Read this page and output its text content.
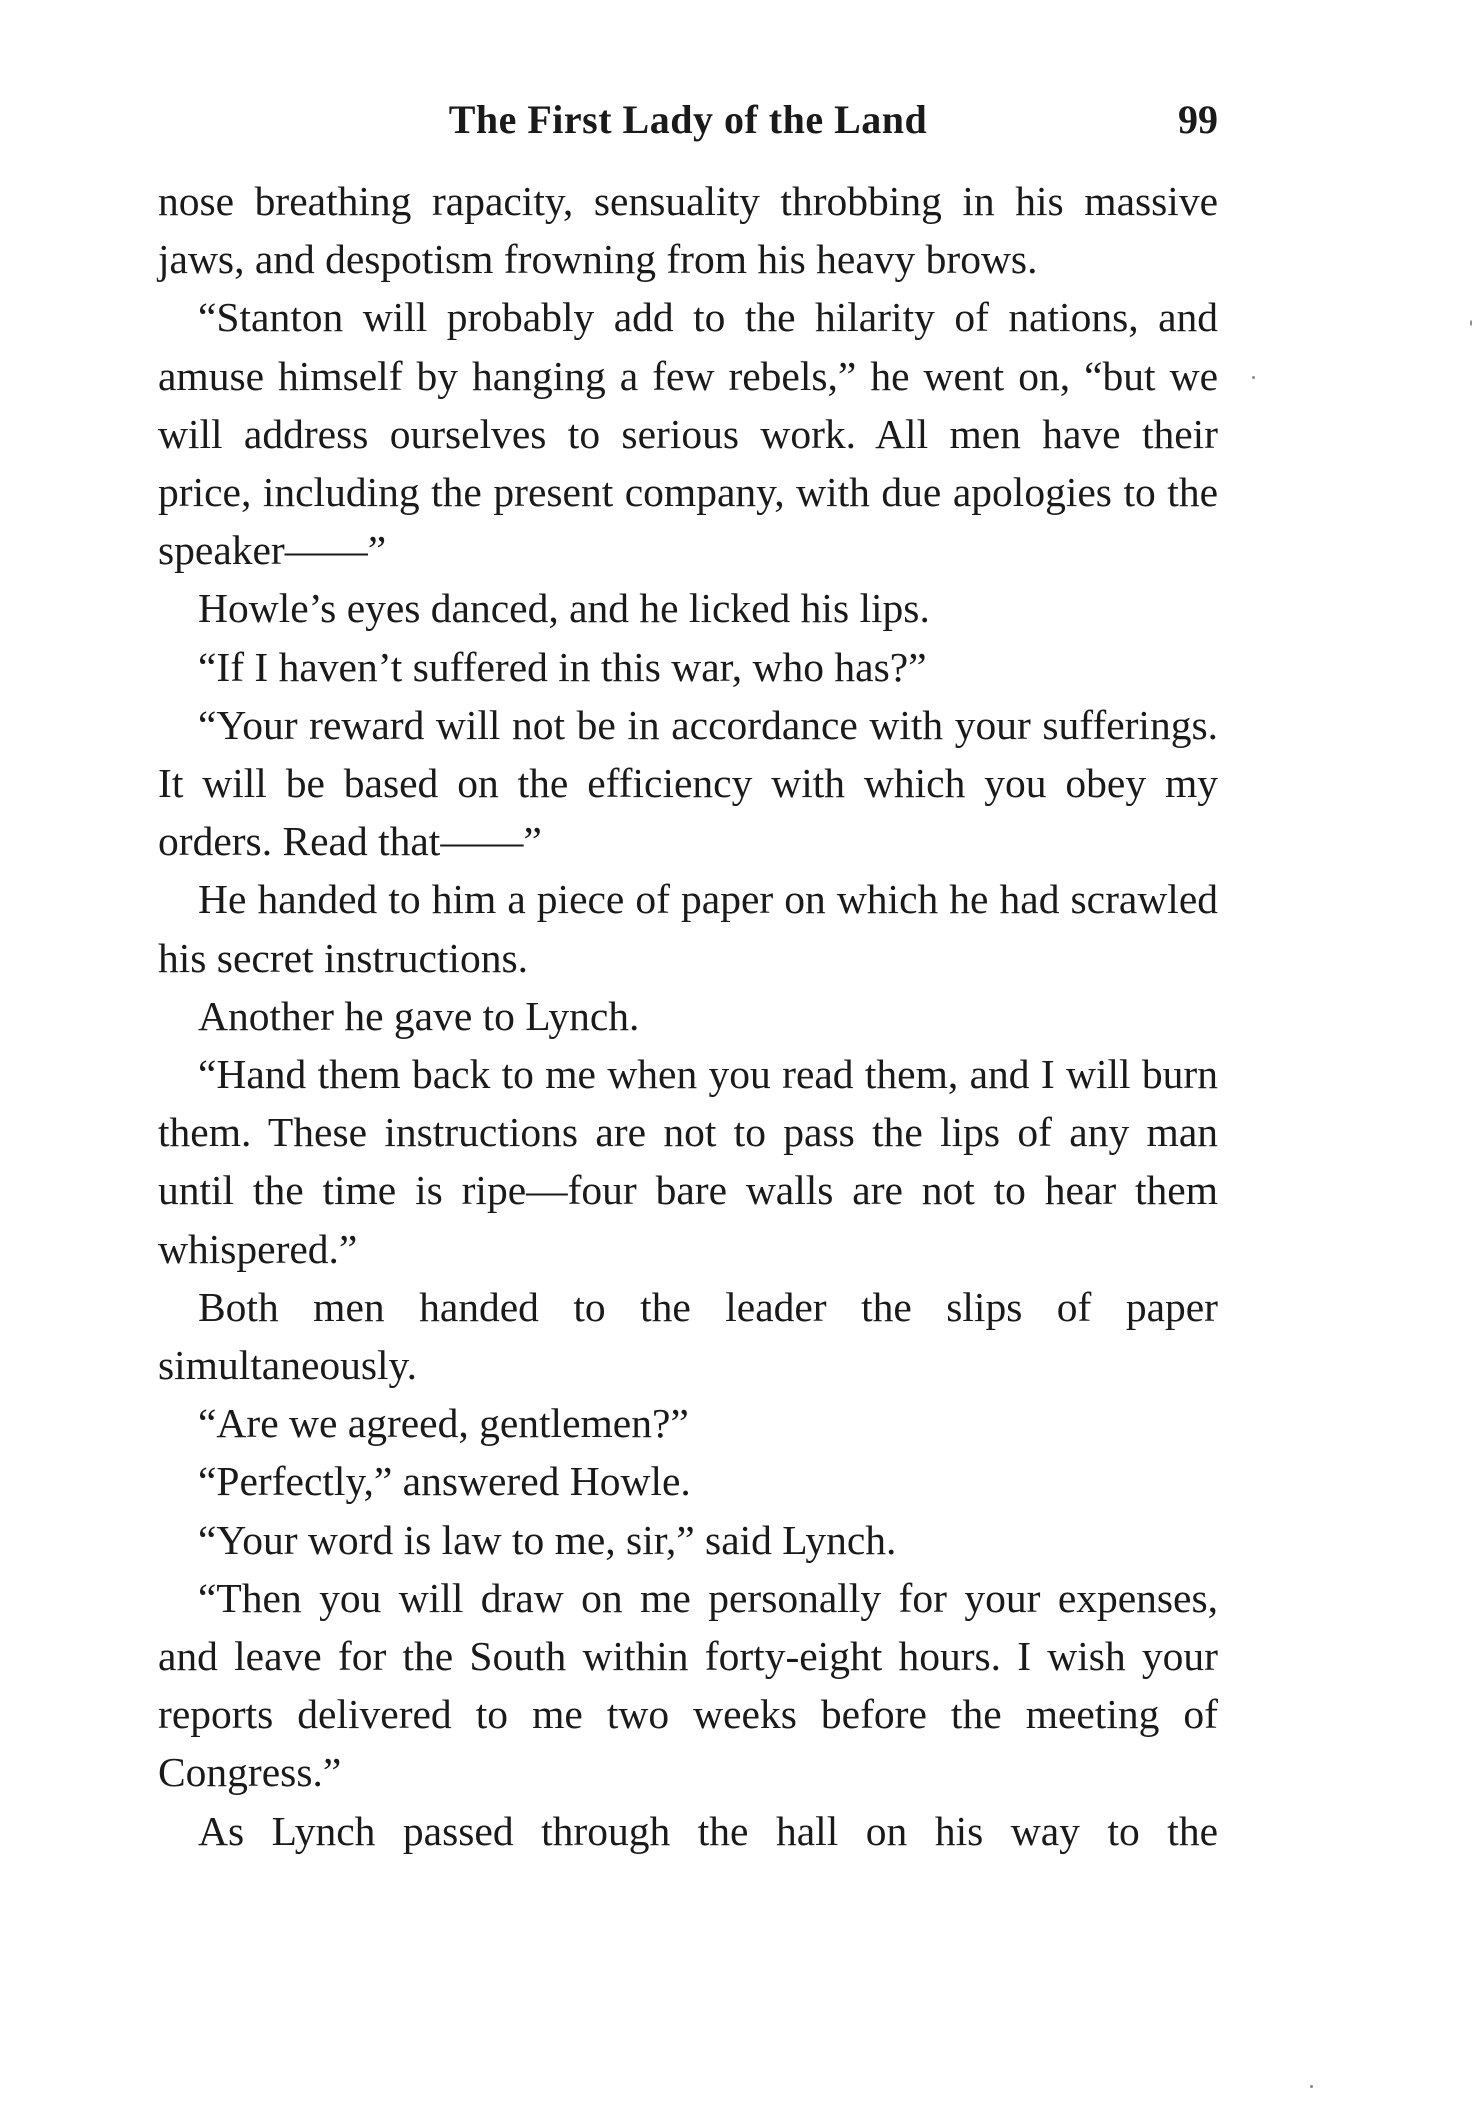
The First Lady of the Land	99

nose breathing rapacity, sensuality throbbing in his massive jaws, and despotism frowning from his heavy brows.

“Stanton will probably add to the hilarity of nations, and amuse himself by hanging a few rebels,” he went on, “but we will address ourselves to serious work. All men have their price, including the present company, with due apologies to the speaker——”

Howle’s eyes danced, and he licked his lips.

“If I haven’t suffered in this war, who has?”

“Your reward will not be in accordance with your sufferings. It will be based on the efficiency with which you obey my orders. Read that——”

He handed to him a piece of paper on which he had scrawled his secret instructions.

Another he gave to Lynch.

“Hand them back to me when you read them, and I will burn them. These instructions are not to pass the lips of any man until the time is ripe—four bare walls are not to hear them whispered.”

Both men handed to the leader the slips of paper simultaneously.

“Are we agreed, gentlemen?”

“Perfectly,” answered Howle.

“Your word is law to me, sir,” said Lynch.

“Then you will draw on me personally for your expenses, and leave for the South within forty-eight hours. I wish your reports delivered to me two weeks before the meeting of Congress.”

As Lynch passed through the hall on his way to the
